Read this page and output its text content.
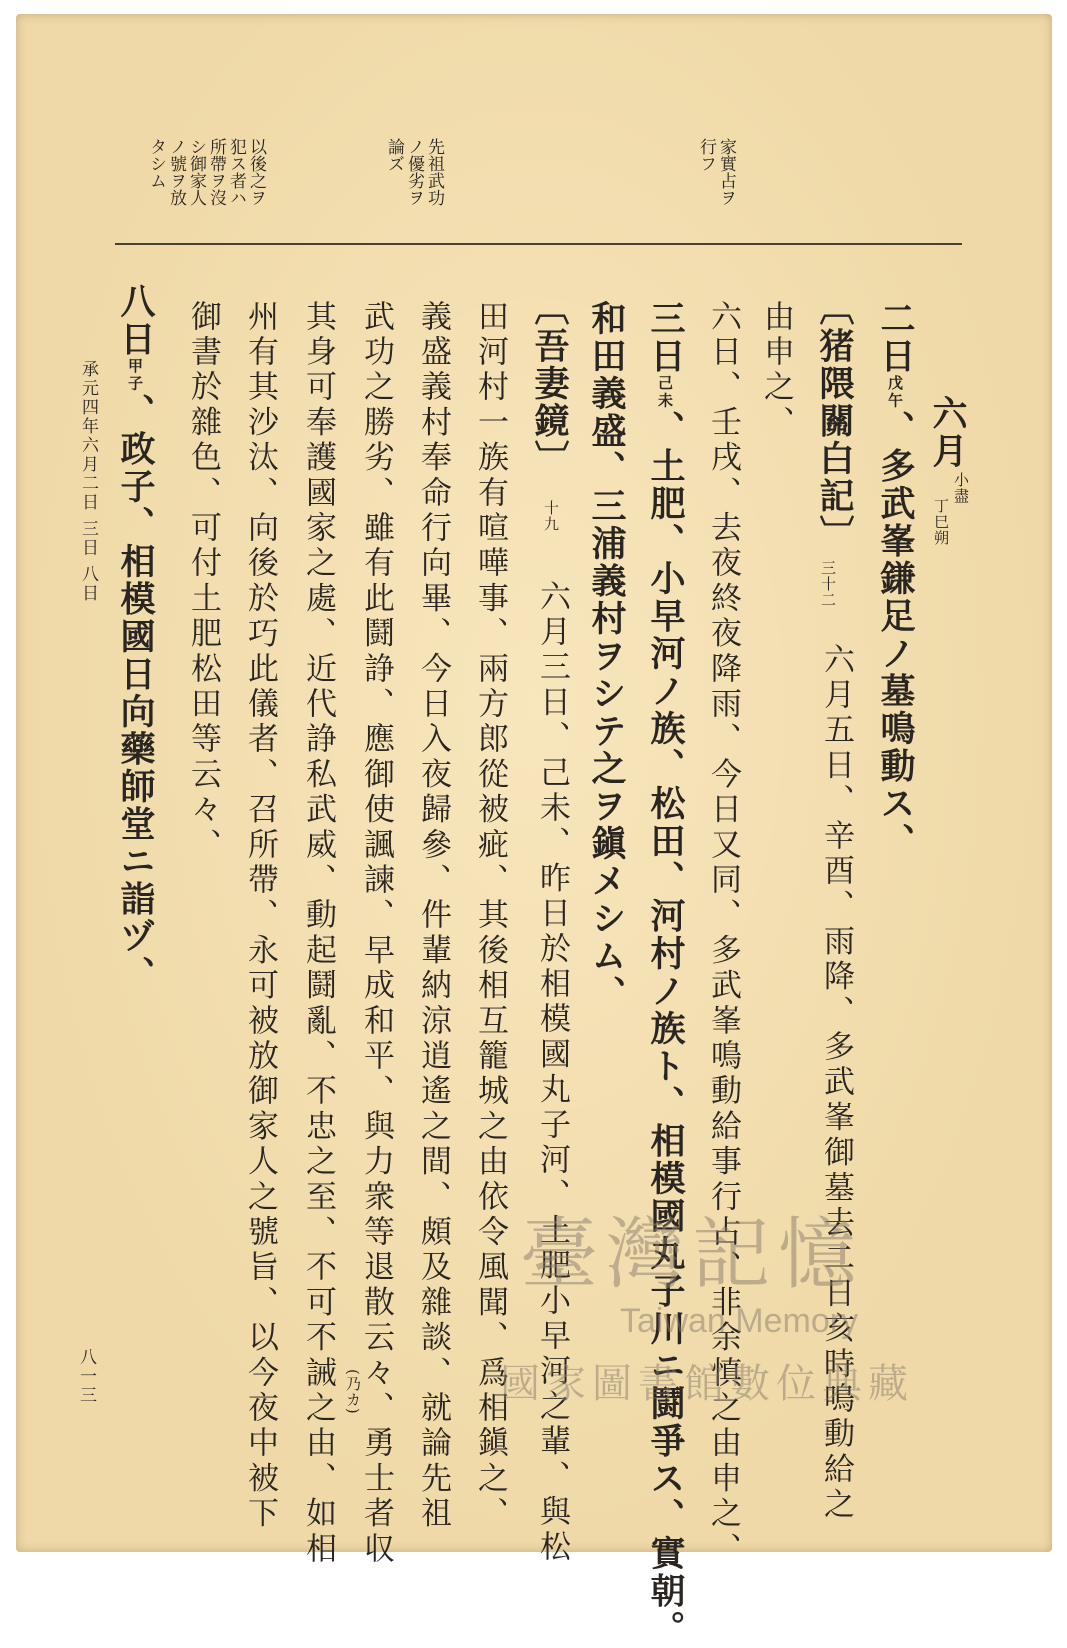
家實占ヲ
行フ
先祖武功
ノ優劣ヲ
論ズ
以後之ヲ
犯ス者ハ
所帶ヲ沒
シ御家人
ノ號ヲ放
タシム
六月
小盡
丁巳朔
二日戊午、多武峯鎌足ノ墓鳴動ス、
〔猪隈關白記〕
三十二
六月五日、辛酉、雨降、多武峯御墓去二日亥時鳴動給之
由申之、
六日、壬戌、去夜終夜降雨、今日又同、多武峯鳴動給事行占、非余慎之由申之、
三日己未、土肥、小早河ノ族、松田、河村ノ族ト、相模國丸子川ニ鬪爭ス、實朝。
和田義盛、三浦義村ヲシテ之ヲ鎭メシム、
〔吾妻鏡〕
十九
六月三日、己未、昨日於相模國丸子河、土肥小早河之輩、與松
田河村一族有喧嘩事、兩方郎從被疵、其後相互籠城之由依令風聞、爲相鎭之、
義盛義村奉命行向畢、今日入夜歸參、件輩納涼逍遙之間、頗及雜談、就論先祖
武功之勝劣、雖有此鬪諍、應御使諷諫、早成和平、與力衆等退散云々、勇士者収
(乃カ)
其身可奉護國家之處、近代諍私武威、動起鬪亂、不忠之至、不可不誡之由、如相
州有其沙汰、向後於巧此儀者、召所帶、永可被放御家人之號旨、以今夜中被下
御書於雜色、可付土肥松田等云々、
八日甲子、政子、相模國日向藥師堂ニ詣ヅ、
承元四年六月二日 三日 八日
八一三
臺灣記憶
Taiwan Memory
國家圖書館數位典藏
